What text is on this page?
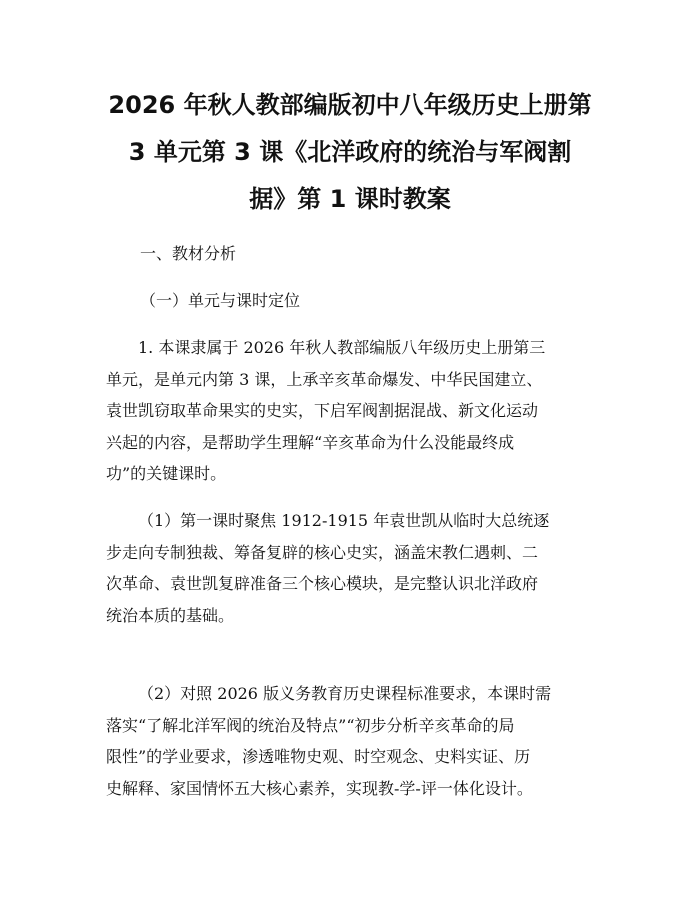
2026 年秋人教部编版初中八年级历史上册第
3 单元第 3 课《北洋政府的统治与军阀割
据》第 1 课时教案

一、教材分析

（一）单元与课时定位

1. 本课隶属于 2026 年秋人教部编版八年级历史上册第三
单元，是单元内第 3 课，上承辛亥革命爆发、中华民国建立、
袁世凯窃取革命果实的史实，下启军阀割据混战、新文化运动
兴起的内容，是帮助学生理解“辛亥革命为什么没能最终成
功”的关键课时。

（1）第一课时聚焦 1912-1915 年袁世凯从临时大总统逐
步走向专制独裁、筹备复辟的核心史实，涵盖宋教仁遇刺、二
次革命、袁世凯复辟准备三个核心模块，是完整认识北洋政府
统治本质的基础。

（2）对照 2026 版义务教育历史课程标准要求，本课时需
落实“了解北洋军阀的统治及特点”“初步分析辛亥革命的局
限性”的学业要求，渗透唯物史观、时空观念、史料实证、历
史解释、家国情怀五大核心素养，实现教-学-评一体化设计。
